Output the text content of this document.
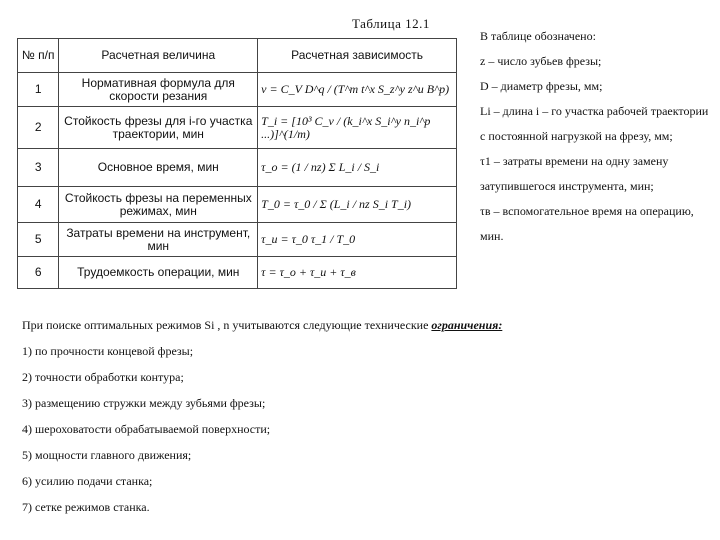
Таблица 12.1
№ п/п	Расчетная величина	Расчетная зависимость
1	Нормативная формула для скорости резания	v = C_V D^q / (T^m t^x S_z^y z^u B^p)
2	Стойкость фрезы для i-го участка траектории, мин	T_i = [10³ C_v / (k_i^x S_i^y n_i^p ...)]^(1/m)
3	Основное время, мин	τ_o = (1 / nz) Σ L_i / S_i
4	Стойкость фрезы на переменных режимах, мин	T_0 = τ_0 / Σ (L_i / nz S_i T_i)
5	Затраты времени на инструмент, мин	τ_и = τ_0 τ_1 / T_0
6	Трудоемкость операции, мин	τ = τ_o + τ_и + τ_в

В таблице обозначено:

z – число зубьев фрезы;

D – диаметр фрезы, мм;

Li – длина i – го участка рабочей траектории с постоянной нагрузкой на фрезу, мм;

τ1 – затраты времени на одну замену затупившегося инструмента, мин;

τв – вспомогательное время на операцию, мин.

При поиске оптимальных режимов Si , n учитываются следующие технические ограничения:

1) по прочности концевой фрезы;

2) точности обработки контура;

3) размещению стружки между зубьями фрезы;

4) шероховатости обрабатываемой поверхности;

5) мощности главного движения;

6) усилию подачи станка;

7) сетке режимов станка.
